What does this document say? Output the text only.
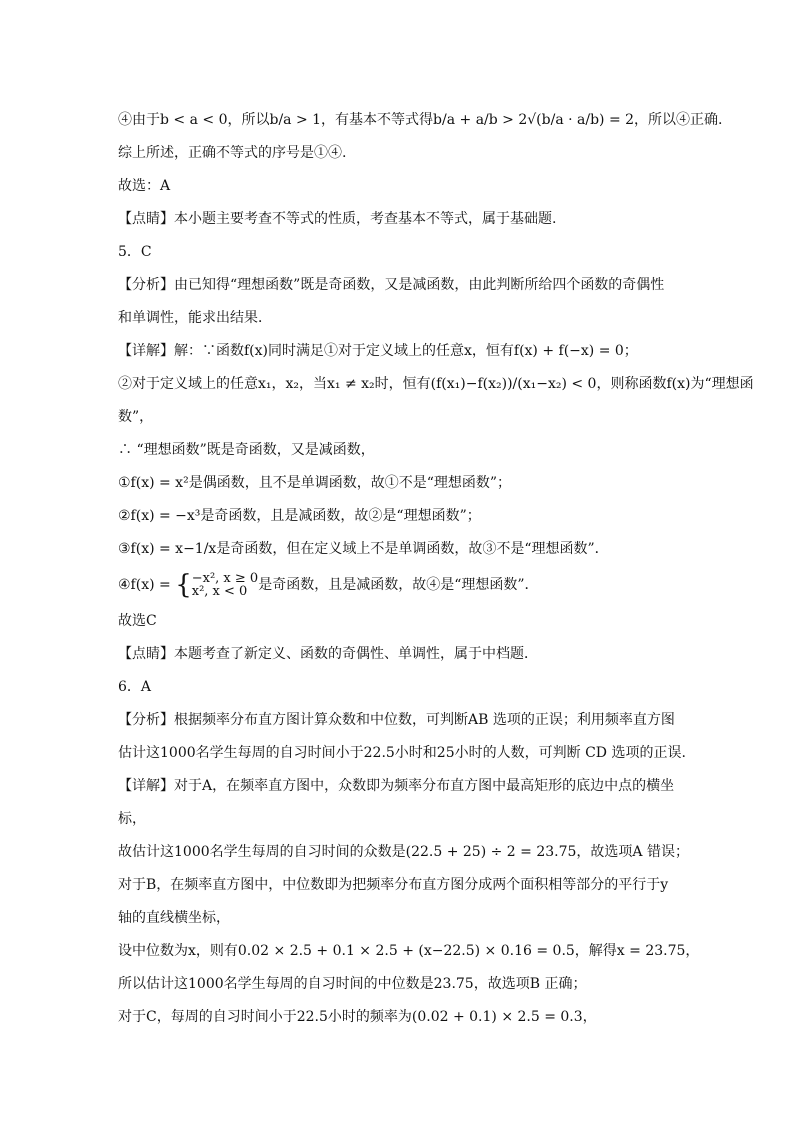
④由于b < a < 0，所以b/a > 1，有基本不等式得b/a + a/b > 2√(b/a · a/b) = 2，所以④正确.
综上所述，正确不等式的序号是①④.
故选：A
【点睛】本小题主要考查不等式的性质，考查基本不等式，属于基础题.
5．C
【分析】由已知得“理想函数”既是奇函数，又是减函数，由此判断所给四个函数的奇偶性
和单调性，能求出结果．
【详解】解：∵函数f(x)同时满足①对于定义域上的任意x，恒有f(x) + f(−x) = 0；
②对于定义域上的任意x₁，x₂，当x₁ ≠ x₂时，恒有(f(x₁)−f(x₂))/(x₁−x₂) < 0，则称函数f(x)为“理想函
数”，
∴ “理想函数”既是奇函数，又是减函数，
①f(x) = x²是偶函数，且不是单调函数，故①不是“理想函数”；
②f(x) = −x³是奇函数，且是减函数，故②是“理想函数”；
③f(x) = x−1/x是奇函数，但在定义域上不是单调函数，故③不是“理想函数”．
④f(x) = { −x², x ≥ 0
x², x < 0 是奇函数，且是减函数，故④是“理想函数”．
故选C
【点睛】本题考查了新定义、函数的奇偶性、单调性，属于中档题．
6．A
【分析】根据频率分布直方图计算众数和中位数，可判断AB 选项的正误；利用频率直方图
估计这1000名学生每周的自习时间小于22.5小时和25小时的人数，可判断 CD 选项的正误.
【详解】对于A，在频率直方图中，众数即为频率分布直方图中最高矩形的底边中点的横坐
标，
故估计这1000名学生每周的自习时间的众数是(22.5 + 25) ÷ 2 = 23.75，故选项A 错误；
对于B，在频率直方图中，中位数即为把频率分布直方图分成两个面积相等部分的平行于y
轴的直线横坐标，
设中位数为x，则有0.02 × 2.5 + 0.1 × 2.5 + (x−22.5) × 0.16 = 0.5，解得x = 23.75，
所以估计这1000名学生每周的自习时间的中位数是23.75，故选项B 正确；
对于C，每周的自习时间小于22.5小时的频率为(0.02 + 0.1) × 2.5 = 0.3，
